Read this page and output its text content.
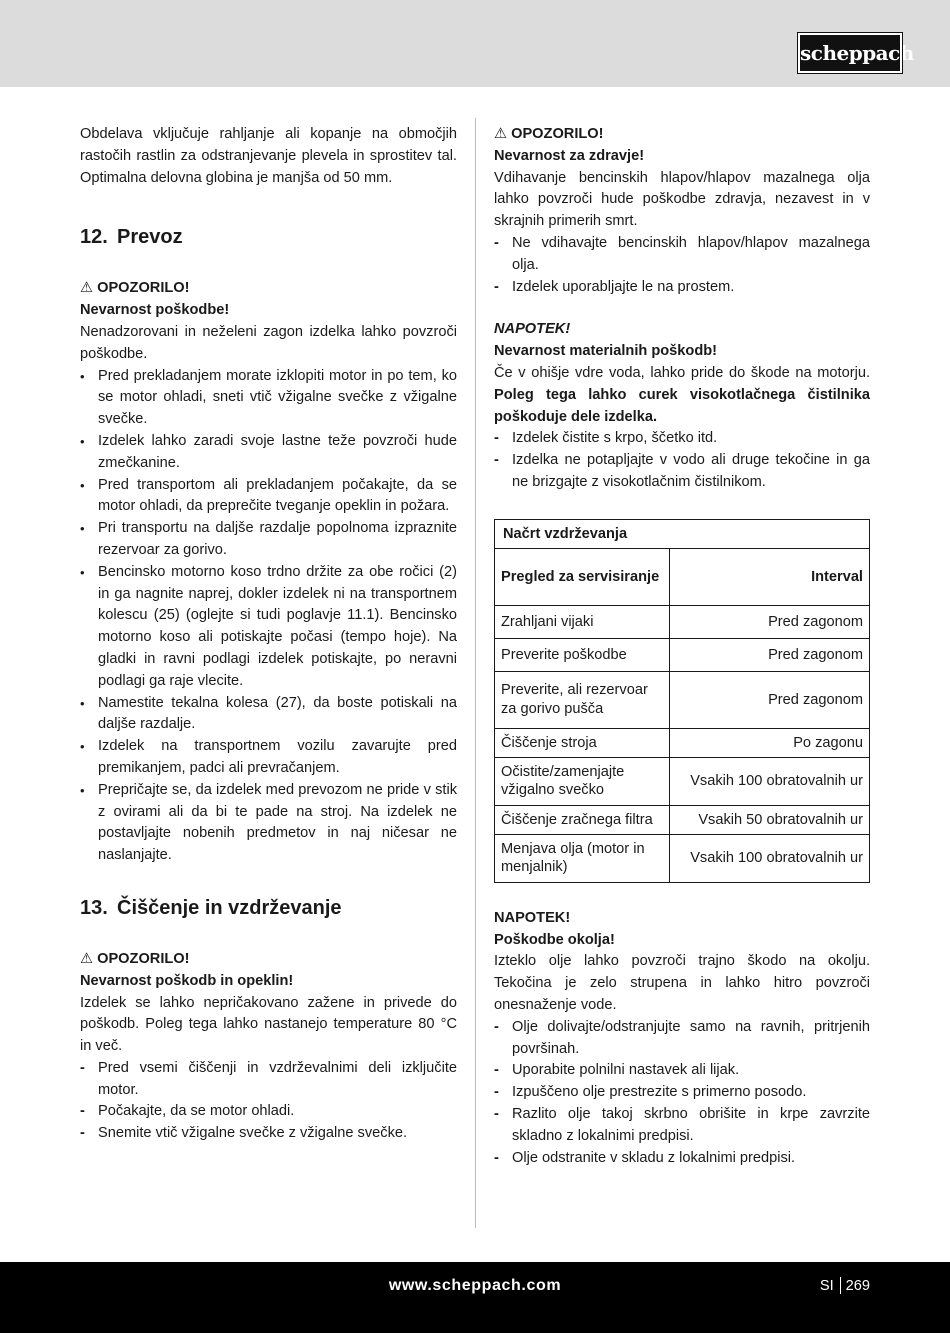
scheppach

Obdelava vključuje rahljanje ali kopanje na območjih rastočih rastlin za odstranjevanje plevela in sprostitev tal. Optimalna delovna globina je manjša od 50 mm.

12. Prevoz

⚠ OPOZORILO!

Nevarnost poškodbe!

Nenadzorovani in neželeni zagon izdelka lahko povzroči poškodbe.

• Pred prekladanjem morate izklopiti motor in po tem, ko se motor ohladi, sneti vtič vžigalne svečke z vžigalne svečke.
• Izdelek lahko zaradi svoje lastne teže povzroči hude zmečkanine.
• Pred transportom ali prekladanjem počakajte, da se motor ohladi, da preprečite tveganje opeklin in požara.
• Pri transportu na daljše razdalje popolnoma izpraznite rezervoar za gorivo.
• Bencinsko motorno koso trdno držite za obe ročici (2) in ga nagnite naprej, dokler izdelek ni na transportnem kolescu (25) (oglejte si tudi poglavje 11.1). Bencinsko motorno koso ali potiskajte počasi (tempo hoje). Na gladki in ravni podlagi izdelek potiskajte, po neravni podlagi ga raje vlecite.
• Namestite tekalna kolesa (27), da boste potiskali na daljše razdalje.
• Izdelek na transportnem vozilu zavarujte pred premikanjem, padci ali prevračanjem.
• Prepričajte se, da izdelek med prevozom ne pride v stik z ovirami ali da bi te pade na stroj. Na izdelek ne postavljajte nobenih predmetov in naj ničesar ne naslanjajte.
13. Čiščenje in vzdrževanje

⚠ OPOZORILO!

Nevarnost poškodb in opeklin!

Izdelek se lahko nepričakovano zažene in privede do poškodb. Poleg tega lahko nastanejo temperature 80 °C in več.

- Pred vsemi čiščenji in vzdrževalnimi deli izključite motor.
- Počakajte, da se motor ohladi.
- Snemite vtič vžigalne svečke z vžigalne svečke.

⚠ OPOZORILO!

Nevarnost za zdravje!

Vdihavanje bencinskih hlapov/hlapov mazalnega olja lahko povzroči hude poškodbe zdravja, nezavest in v skrajnih primerih smrt.

- Ne vdihavajte bencinskih hlapov/hlapov mazalnega olja.
- Izdelek uporabljajte le na prostem.

NAPOTEK!

Nevarnost materialnih poškodb!

Če v ohišje vdre voda, lahko pride do škode na motorju. Poleg tega lahko curek visokotlačnega čistilnika poškoduje dele izdelka.

- Izdelek čistite s krpo, ščetko itd.
- Izdelka ne potapljajte v vodo ali druge tekočine in ga ne brizgajte z visokotlačnim čistilnikom.
Načrt vzdrževanja	
Pregled za servisiranje	Interval
Zrahljani vijaki	Pred zagonom
Preverite poškodbe	Pred zagonom
Preverite, ali rezervoar za gorivo pušča	Pred zagonom
Čiščenje stroja	Po zagonu
Očistite/zamenjajte vžigalno svečko	Vsakih 100 obratovalnih ur
Čiščenje zračnega filtra	Vsakih 50 obratovalnih ur
Menjava olja (motor in menjalnik)	Vsakih 100 obratovalnih ur

NAPOTEK!

Poškodbe okolja!

Izteklo olje lahko povzroči trajno škodo na okolju. Tekočina je zelo strupena in lahko hitro povzroči onesnaženje vode.

- Olje dolivajte/odstranjujte samo na ravnih, pritrjenih površinah.
- Uporabite polnilni nastavek ali lijak.
- Izpuščeno olje prestrezite s primerno posodo.
- Razlito olje takoj skrbno obrišite in krpe zavrzite skladno z lokalnimi predpisi.
- Olje odstranite v skladu z lokalnimi predpisi.
www.scheppach.com	SI 269
